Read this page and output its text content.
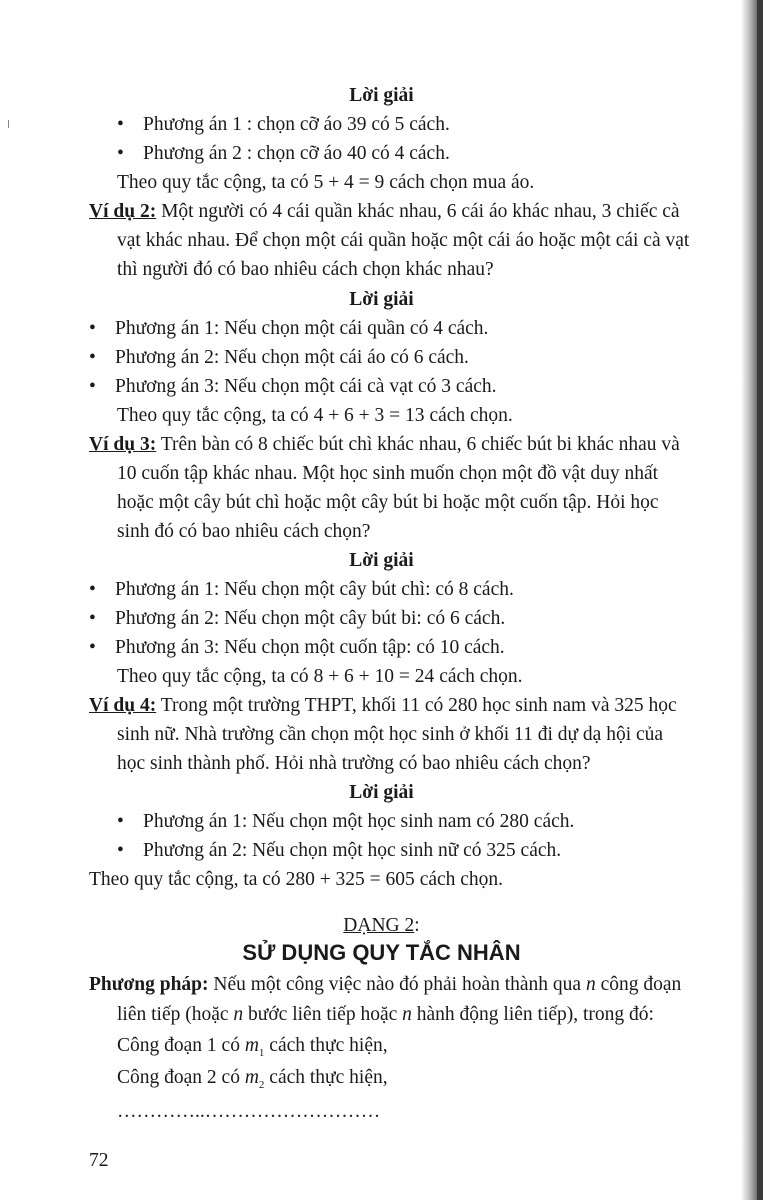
Lời giải
• Phương án 1 : chọn cỡ áo 39 có 5 cách.
• Phương án 2 : chọn cỡ áo 40 có 4 cách.
Theo quy tắc cộng, ta có 5 + 4 = 9 cách chọn mua áo.
Ví dụ 2: Một người có 4 cái quần khác nhau, 6 cái áo khác nhau, 3 chiếc cà
vạt khác nhau. Để chọn một cái quần hoặc một cái áo hoặc một cái cà vạt
thì người đó có bao nhiêu cách chọn khác nhau?
Lời giải
• Phương án 1: Nếu chọn một cái quần có 4 cách.
• Phương án 2: Nếu chọn một cái áo có 6 cách.
• Phương án 3: Nếu chọn một cái cà vạt có 3 cách.
Theo quy tắc cộng, ta có 4 + 6 + 3 = 13 cách chọn.
Ví dụ 3: Trên bàn có 8 chiếc bút chì khác nhau, 6 chiếc bút bi khác nhau và
10 cuốn tập khác nhau. Một học sinh muốn chọn một đồ vật duy nhất
hoặc một cây bút chì hoặc một cây bút bi hoặc một cuốn tập. Hỏi học
sinh đó có bao nhiêu cách chọn?
Lời giải
• Phương án 1: Nếu chọn một cây bút chì: có 8 cách.
• Phương án 2: Nếu chọn một cây bút bi: có 6 cách.
• Phương án 3: Nếu chọn một cuốn tập: có 10 cách.
Theo quy tắc cộng, ta có 8 + 6 + 10 = 24 cách chọn.
Ví dụ 4: Trong một trường THPT, khối 11 có 280 học sinh nam và 325 học
sinh nữ. Nhà trường cần chọn một học sinh ở khối 11 đi dự dạ hội của
học sinh thành phố. Hỏi nhà trường có bao nhiêu cách chọn?
Lời giải
• Phương án 1: Nếu chọn một học sinh nam có 280 cách.
• Phương án 2: Nếu chọn một học sinh nữ có 325 cách.
Theo quy tắc cộng, ta có 280 + 325 = 605 cách chọn.
DẠNG 2:
SỬ DỤNG QUY TẮC NHÂN
Phương pháp: Nếu một công việc nào đó phải hoàn thành qua n công đoạn
liên tiếp (hoặc n bước liên tiếp hoặc n hành động liên tiếp), trong đó:
Công đoạn 1 có $m_1$ cách thực hiện,
Công đoạn 2 có $m_2$ cách thực hiện,
…………..………………………
72
